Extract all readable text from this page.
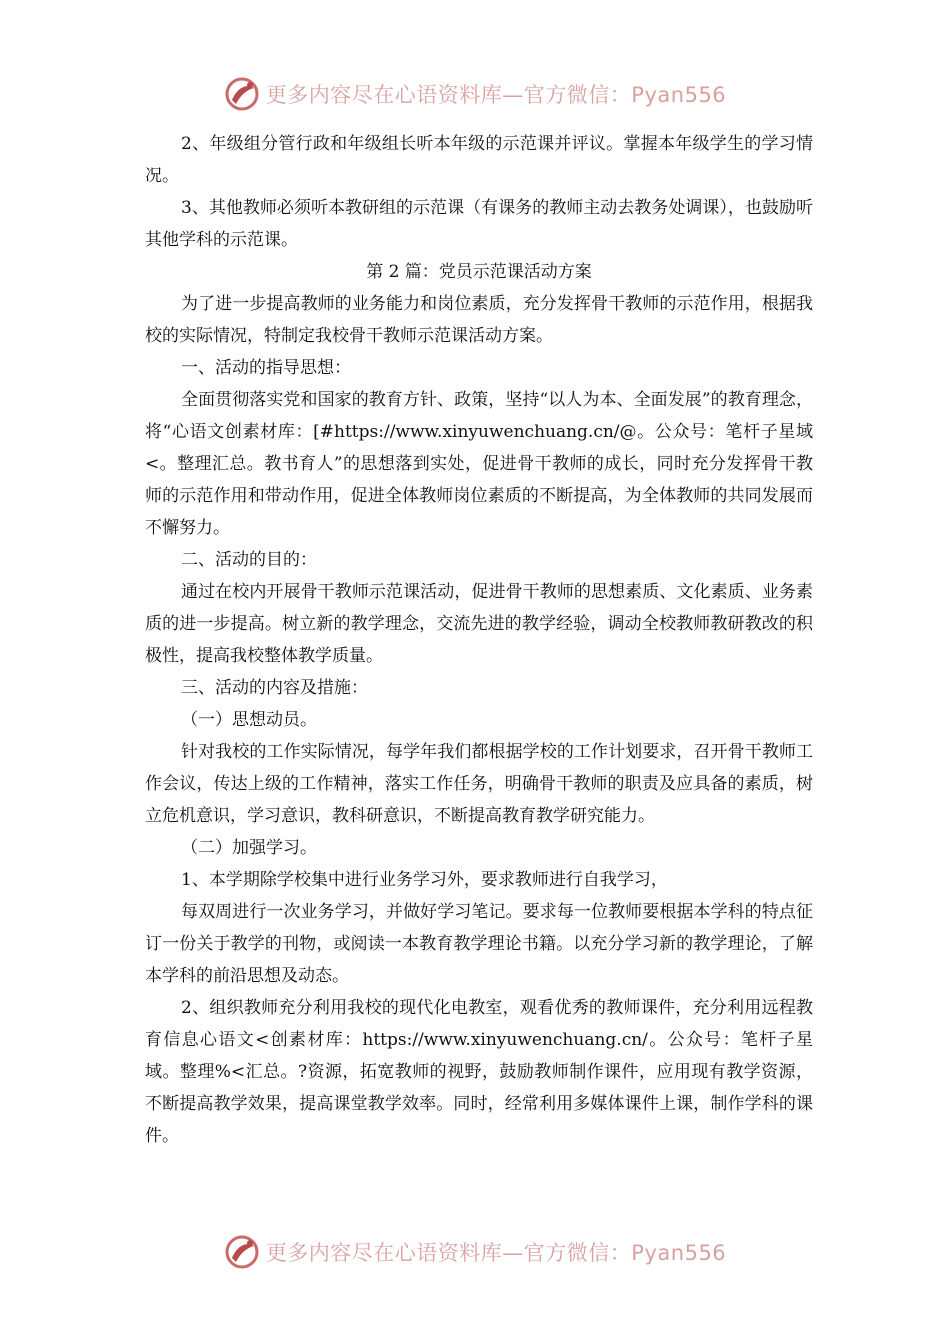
更多内容尽在心语资料库—官方微信：Pyan556

2、年级组分管行政和年级组长听本年级的示范课并评议。掌握本年级学生的学习情况。

3、其他教师必须听本教研组的示范课（有课务的教师主动去教务处调课），也鼓励听其他学科的示范课。

第 2 篇：党员示范课活动方案

为了进一步提高教师的业务能力和岗位素质，充分发挥骨干教师的示范作用，根据我校的实际情况，特制定我校骨干教师示范课活动方案。

一、活动的指导思想：

全面贯彻落实党和国家的教育方针、政策，坚持“以人为本、全面发展”的教育理念，将“心语文创素材库：[#https://www.xinyuwenchuang.cn/@。公众号：笔杆子星域<。整理汇总。教书育人”的思想落到实处，促进骨干教师的成长，同时充分发挥骨干教师的示范作用和带动作用，促进全体教师岗位素质的不断提高，为全体教师的共同发展而不懈努力。

二、活动的目的：

通过在校内开展骨干教师示范课活动，促进骨干教师的思想素质、文化素质、业务素质的进一步提高。树立新的教学理念，交流先进的教学经验，调动全校教师教研教改的积极性，提高我校整体教学质量。

三、活动的内容及措施：

（一）思想动员。

针对我校的工作实际情况，每学年我们都根据学校的工作计划要求，召开骨干教师工作会议，传达上级的工作精神，落实工作任务，明确骨干教师的职责及应具备的素质，树立危机意识，学习意识，教科研意识，不断提高教育教学研究能力。

（二）加强学习。

1、本学期除学校集中进行业务学习外，要求教师进行自我学习，

每双周进行一次业务学习，并做好学习笔记。要求每一位教师要根据本学科的特点征订一份关于教学的刊物，或阅读一本教育教学理论书籍。以充分学习新的教学理论，了解本学科的前沿思想及动态。

2、组织教师充分利用我校的现代化电教室，观看优秀的教师课件，充分利用远程教育信息心语文<创素材库：https://www.xinyuwenchuang.cn/。公众号：笔杆子星域。整理%<汇总。?资源，拓宽教师的视野，鼓励教师制作课件，应用现有教学资源， 不断提高教学效果，提高课堂教学效率。同时，经常利用多媒体课件上课，制作学科的课件。

更多内容尽在心语资料库—官方微信：Pyan556
